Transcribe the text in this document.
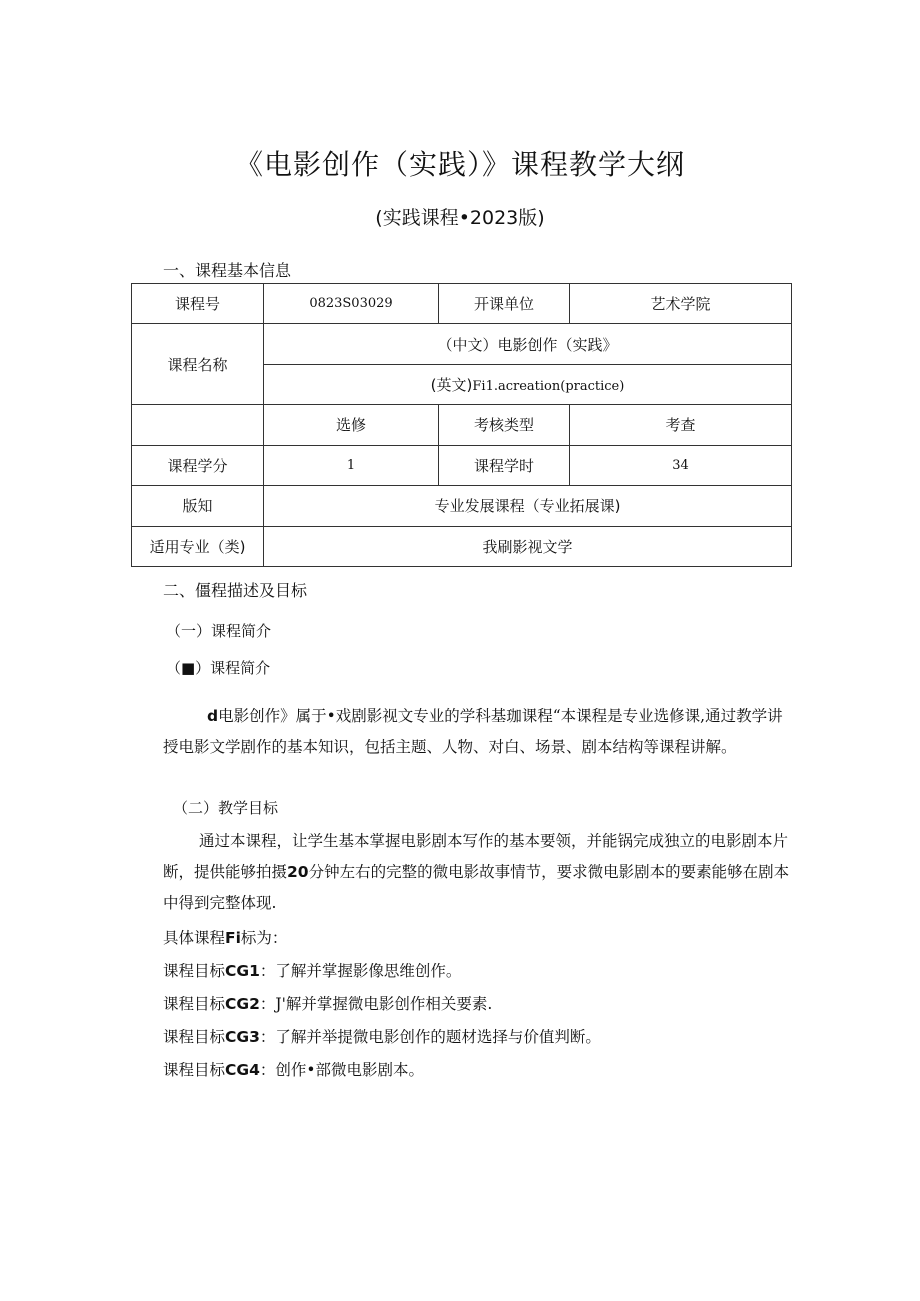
《电影创作（实践）》课程教学大纲
(实践课程•2023版)
一、课程基本信息
课程号	0823S03029	开课单位	艺术学院
课程名称	（中文）电影创作（实践》		
	(英文)Fi1.acreation(practice)		
	选修	考核类型	考查
课程学分	1	课程学时	34
版知	专业发展课程（专业拓展课)		
适用专业（类)	我刷影视文学		
二、僵程描述及目标
（一）课程简介
（■）课程简介
d电影创作》属于•戏剧影视文专业的学科基珈课程“本课程是专业选修课,通过教学讲授电影文学剧作的基本知识，包括主题、人物、对白、场景、剧本结构等课程讲解。
（二）教学目标
通过本课程，让学生基本掌握电影剧本写作的基本要领，并能锅完成独立的电影剧本片断，提供能够拍摄20分钟左右的完整的微电影故事情节，要求微电影剧本的要素能够在剧本中得到完整体现.
具体课程Fi标为：
课程目标CG1：了解并掌握影像思维创作。
课程目标CG2：J'解并掌握微电影创作相关要素.
课程目标CG3：了解并举提微电影创作的题材选择与价值判断。
课程目标CG4：创作•部微电影剧本。
